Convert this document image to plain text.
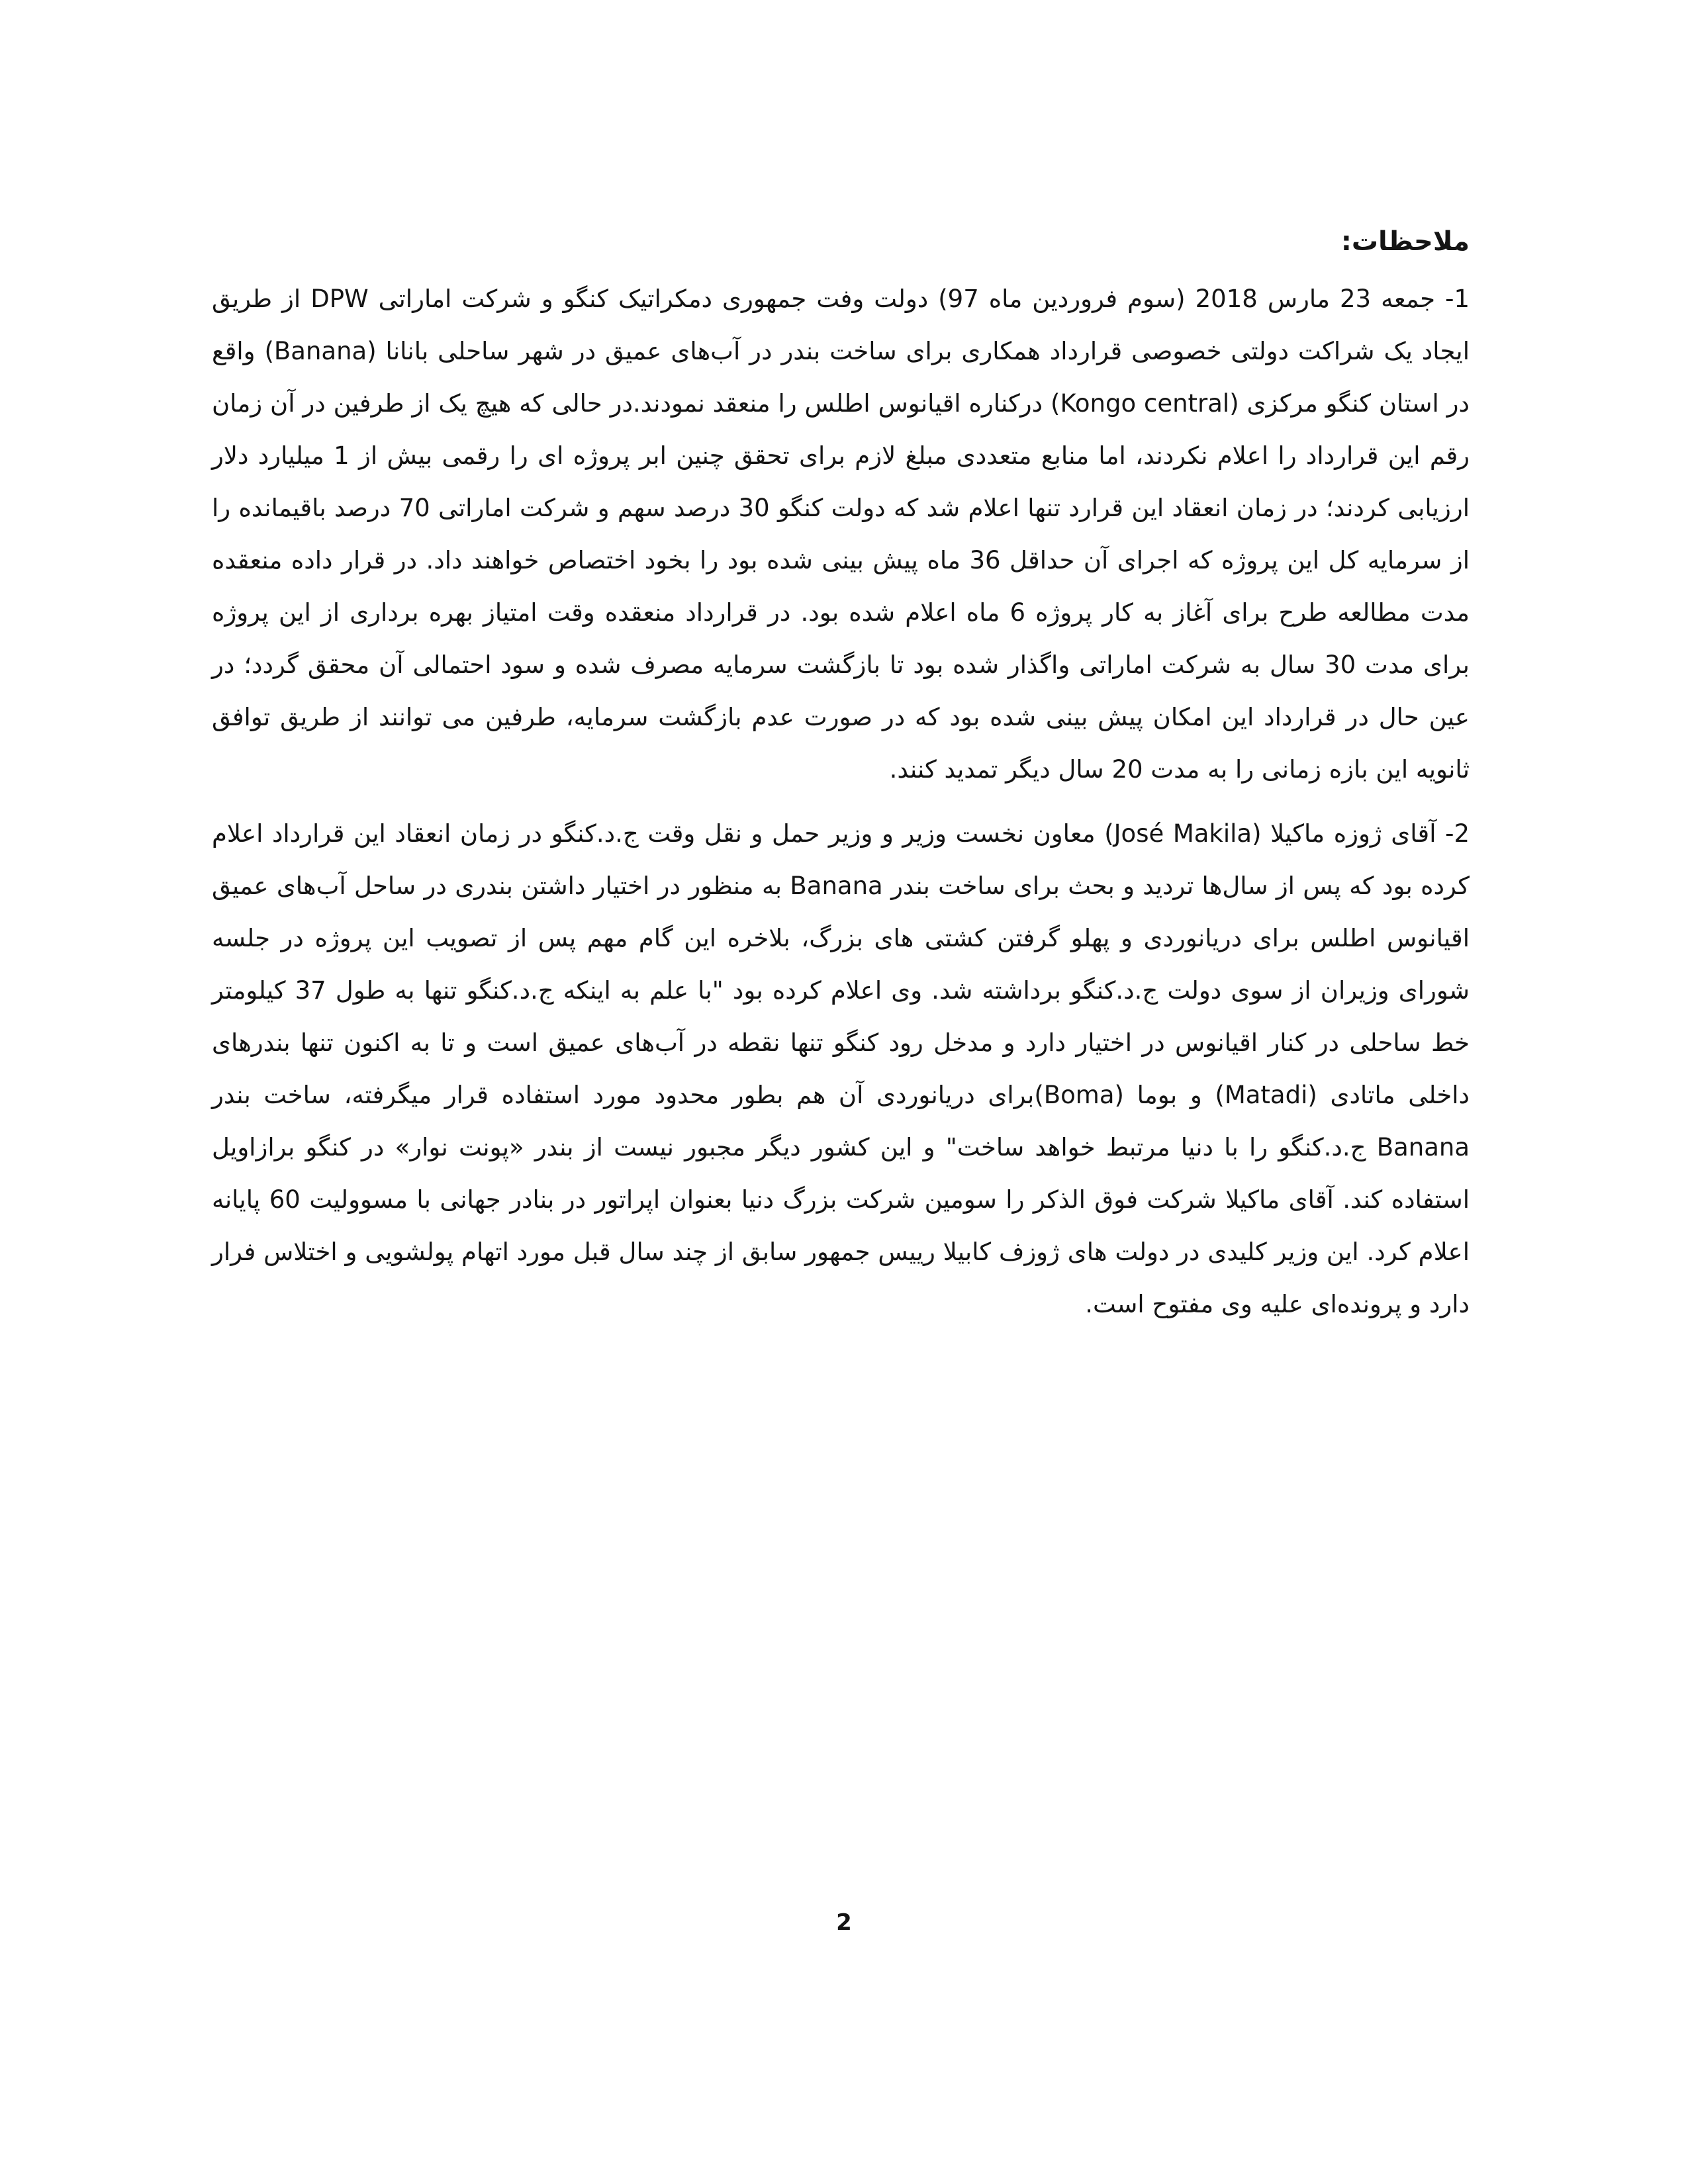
ملاحظات:

1- جمعه 23 مارس 2018 (سوم فروردین ماه 97) دولت وفت جمهوری دمکراتیک کنگو و شرکت اماراتی DPW از طریق ایجاد یک شراکت دولتی خصوصی قرارداد همکاری برای ساخت بندر در آب‌های عمیق در شهر ساحلی بانانا (Banana) واقع در استان کنگو مرکزی (Kongo central) درکناره اقیانوس اطلس را منعقد نمودند.در حالی که هیچ یک از طرفین در آن زمان رقم این قرارداد را اعلام نکردند، اما منابع متعددی مبلغ لازم برای تحقق چنین ابر پروژه ای را رقمی بیش از 1 میلیارد دلار ارزیابی کردند؛ در زمان انعقاد این قرارد تنها اعلام شد که دولت کنگو 30 درصد سهم و شرکت اماراتی 70 درصد باقیمانده را از سرمایه کل این پروژه که اجرای آن حداقل 36 ماه پیش بینی شده بود را بخود اختصاص خواهند داد. در قرار داده منعقده مدت مطالعه طرح برای آغاز به کار پروژه 6 ماه اعلام شده بود. در قرارداد منعقده وقت امتیاز بهره برداری از این پروژه برای مدت 30 سال به شرکت اماراتی واگذار شده بود تا بازگشت سرمایه مصرف شده و سود احتمالی آن محقق گردد؛ در عین حال در قرارداد این امکان پیش بینی شده بود که در صورت عدم بازگشت سرمایه، طرفین می توانند از طریق توافق ثانویه این بازه زمانی را به مدت 20 سال دیگر تمدید کنند.

2- آقای ژوزه ماکیلا (José Makila) معاون نخست وزیر و وزیر حمل و نقل وقت ج.د.کنگو در زمان انعقاد این قرارداد اعلام کرده بود که پس از سال‌ها تردید و بحث برای ساخت بندر Banana به منظور در اختیار داشتن بندری در ساحل آب‌های عمیق اقیانوس اطلس برای دریانوردی و پهلو گرفتن کشتی های بزرگ، بلاخره این گام مهم پس از تصویب این پروژه در جلسه شورای وزیران از سوی دولت ج.د.کنگو برداشته شد. وی اعلام کرده بود "با علم به اینکه ج.د.کنگو تنها به طول 37 کیلومتر خط ساحلی در کنار اقیانوس در اختیار دارد و مدخل رود کنگو تنها نقطه در آب‌های عمیق است و تا به اکنون تنها بندرهای داخلی ماتادی (Matadi) و بوما (Boma)برای دریانوردی آن هم بطور محدود مورد استفاده قرار میگرفته، ساخت بندر Banana ج.د.کنگو را با دنیا مرتبط خواهد ساخت" و این کشور دیگر مجبور نیست از بندر «پونت نوار» در کنگو برازاویل استفاده کند. آقای ماکیلا شرکت فوق الذکر را سومین شرکت بزرگ دنیا بعنوان اپراتور در بنادر جهانی با مسوولیت 60 پایانه اعلام کرد. این وزیر کلیدی در دولت های ژوزف کابیلا رییس جمهور سابق از چند سال قبل مورد اتهام پولشویی و اختلاس فرار دارد و پرونده‌ای علیه وی مفتوح است.

2
